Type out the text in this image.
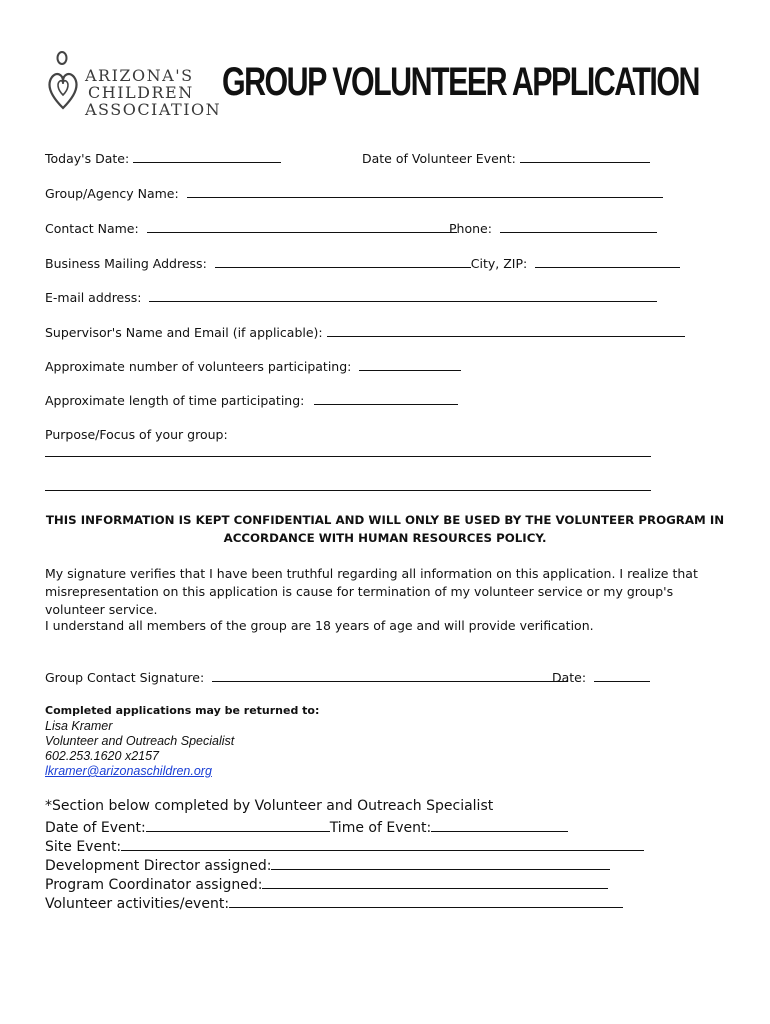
ARIZONA'S
CHILDREN
ASSOCIATION
GROUP VOLUNTEER APPLICATION
Today's Date:	Date of Volunteer Event:
Group/Agency Name:
Contact Name:	Phone:
Business Mailing Address:	City, ZIP:
E-mail address:
Supervisor's Name and Email (if applicable):
Approximate number of volunteers participating:
Approximate length of time participating:
Purpose/Focus of your group:
THIS INFORMATION IS KEPT CONFIDENTIAL AND WILL ONLY BE USED BY THE VOLUNTEER PROGRAM IN ACCORDANCE WITH HUMAN RESOURCES POLICY.
My signature verifies that I have been truthful regarding all information on this application. I realize that misrepresentation on this application is cause for termination of my volunteer service or my group's volunteer service.
I understand all members of the group are 18 years of age and will provide verification.
Group Contact Signature:	Date:
Completed applications may be returned to:
Lisa Kramer
Volunteer and Outreach Specialist
602.253.1620 x2157
lkramer@arizonaschildren.org
*Section below completed by Volunteer and Outreach Specialist
Date of Event:	Time of Event:
Site Event:
Development Director assigned:
Program Coordinator assigned:
Volunteer activities/event:
